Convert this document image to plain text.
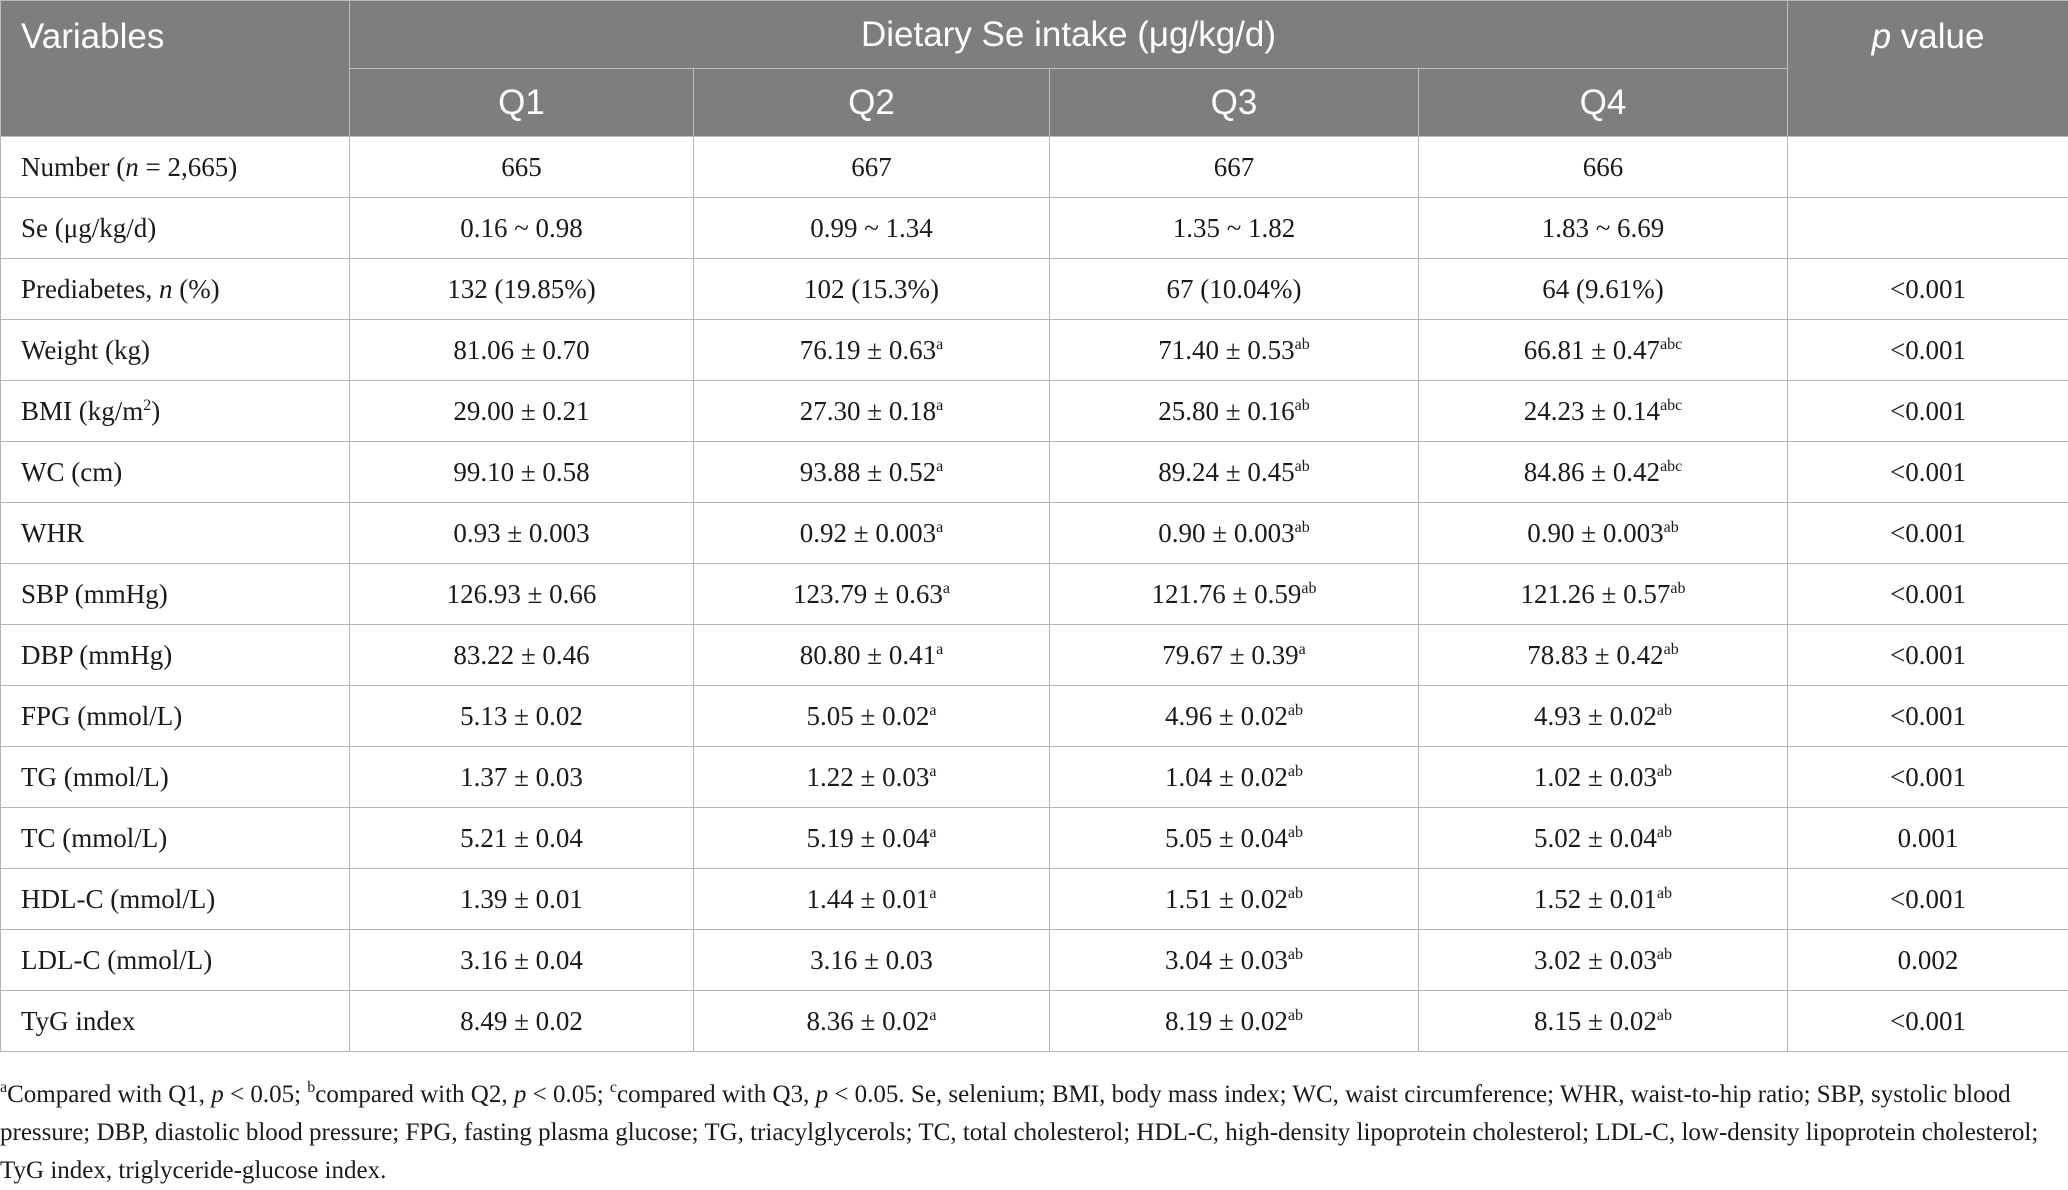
Variables	Dietary Se intake (μg/kg/d)				p value
	Q1	Q2	Q3	Q4	
Number (n = 2,665)	665	667	667	666	
Se (μg/kg/d)	0.16 ~ 0.98	0.99 ~ 1.34	1.35 ~ 1.82	1.83 ~ 6.69	
Prediabetes, n (%)	132 (19.85%)	102 (15.3%)	67 (10.04%)	64 (9.61%)	<0.001
Weight (kg)	81.06 ± 0.70	76.19 ± 0.63$^a$	71.40 ± 0.53$^{ab}$	66.81 ± 0.47$^{abc}$	<0.001
BMI $(kg/m^2)$	29.00 ± 0.21	27.30 ± 0.18$^a$	25.80 ± 0.16$^{ab}$	24.23 ± 0.14$^{abc}$	<0.001
WC (cm)	99.10 ± 0.58	93.88 ± 0.52$^a$	89.24 ± 0.45$^{ab}$	84.86 ± 0.42$^{abc}$	<0.001
WHR	0.93 ± 0.003	0.92 ± 0.003$^a$	0.90 ± 0.003$^{ab}$	0.90 ± 0.003$^{ab}$	<0.001
SBP (mmHg)	126.93 ± 0.66	123.79 ± 0.63$^a$	121.76 ± 0.59$^{ab}$	121.26 ± 0.57$^{ab}$	<0.001
DBP (mmHg)	83.22 ± 0.46	80.80 ± 0.41$^a$	79.67 ± 0.39$^a$	78.83 ± 0.42$^{ab}$	<0.001
FPG (mmol/L)	5.13 ± 0.02	5.05 ± 0.02$^a$	4.96 ± 0.02$^{ab}$	4.93 ± 0.02$^{ab}$	<0.001
TG (mmol/L)	1.37 ± 0.03	1.22 ± 0.03$^a$	1.04 ± 0.02$^{ab}$	1.02 ± 0.03$^{ab}$	<0.001
TC (mmol/L)	5.21 ± 0.04	5.19 ± 0.04$^a$	5.05 ± 0.04$^{ab}$	5.02 ± 0.04$^{ab}$	0.001
HDL-C (mmol/L)	1.39 ± 0.01	1.44 ± 0.01$^a$	1.51 ± 0.02$^{ab}$	1.52 ± 0.01$^{ab}$	<0.001
LDL-C (mmol/L)	3.16 ± 0.04	3.16 ± 0.03	3.04 ± 0.03$^{ab}$	3.02 ± 0.03$^{ab}$	0.002
TyG index	8.49 ± 0.02	8.36 ± 0.02$^a$	8.19 ± 0.02$^{ab}$	8.15 ± 0.02$^{ab}$	<0.001
$^a$Compared with Q1, p < 0.05; $^b$compared with Q2, p < 0.05; $^c$compared with Q3, p < 0.05. Se, selenium; BMI, body mass index; WC, waist circumference; WHR, waist-to-hip ratio; SBP, systolic blood pressure; DBP, diastolic blood pressure; FPG, fasting plasma glucose; TG, triacylglycerols; TC, total cholesterol; HDL-C, high-density lipoprotein cholesterol; LDL-C, low-density lipoprotein cholesterol; TyG index, triglyceride-glucose index.
